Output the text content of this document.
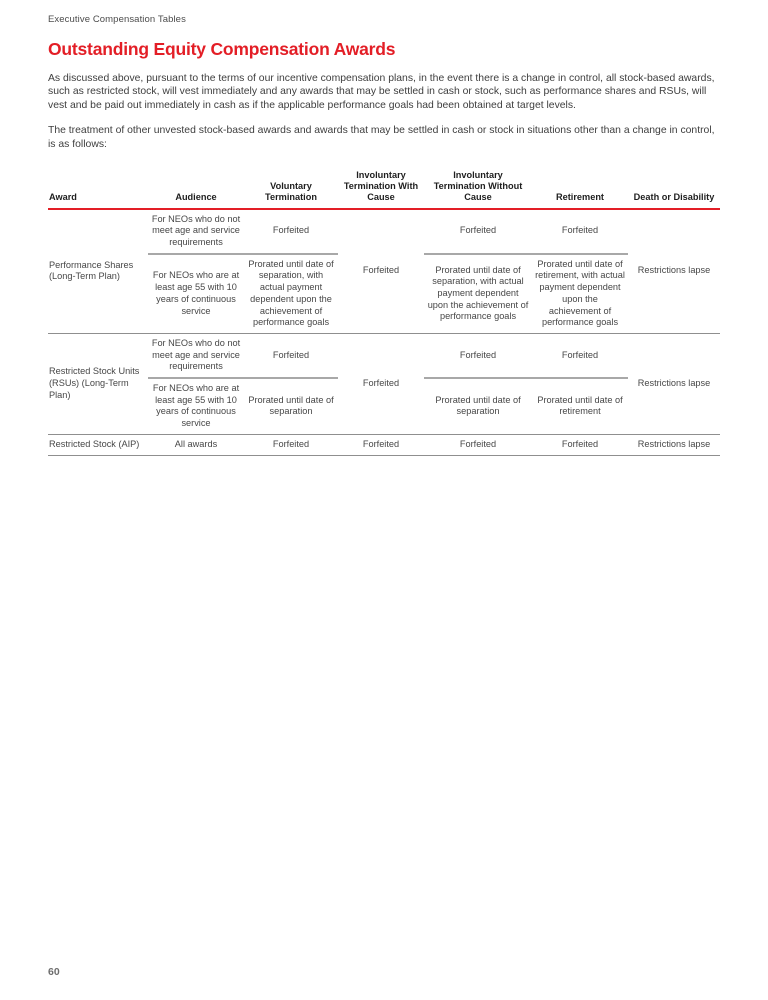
Executive Compensation Tables
Outstanding Equity Compensation Awards

As discussed above, pursuant to the terms of our incentive compensation plans, in the event there is a change in control, all stock-based awards, such as restricted stock, will vest immediately and any awards that may be settled in cash or stock, such as performance shares and RSUs, will vest and be paid out immediately in cash as if the applicable performance goals had been obtained at target levels.

The treatment of other unvested stock-based awards and awards that may be settled in cash or stock in situations other than a change in control, is as follows:

Award	Audience	Voluntary Termination	Involuntary Termination With Cause	Involuntary Termination Without Cause	Retirement	Death or Disability
Performance Shares (Long-Term Plan)	For NEOs who do not meet age and service requirements	Forfeited	Forfeited	Forfeited	Forfeited	Restrictions lapse
	For NEOs who are at least age 55 with 10 years of continuous service	Prorated until date of separation, with actual payment dependent upon the achievement of performance goals		Prorated until date of separation, with actual payment dependent upon the achievement of performance goals	Prorated until date of retirement, with actual payment dependent upon the achievement of performance goals	
Restricted Stock Units (RSUs) (Long-Term Plan)	For NEOs who do not meet age and service requirements	Forfeited	Forfeited	Forfeited	Forfeited	Restrictions lapse
	For NEOs who are at least age 55 with 10 years of continuous service	Prorated until date of separation		Prorated until date of separation	Prorated until date of retirement	
Restricted Stock (AIP)	All awards	Forfeited	Forfeited	Forfeited	Forfeited	Restrictions lapse
60
